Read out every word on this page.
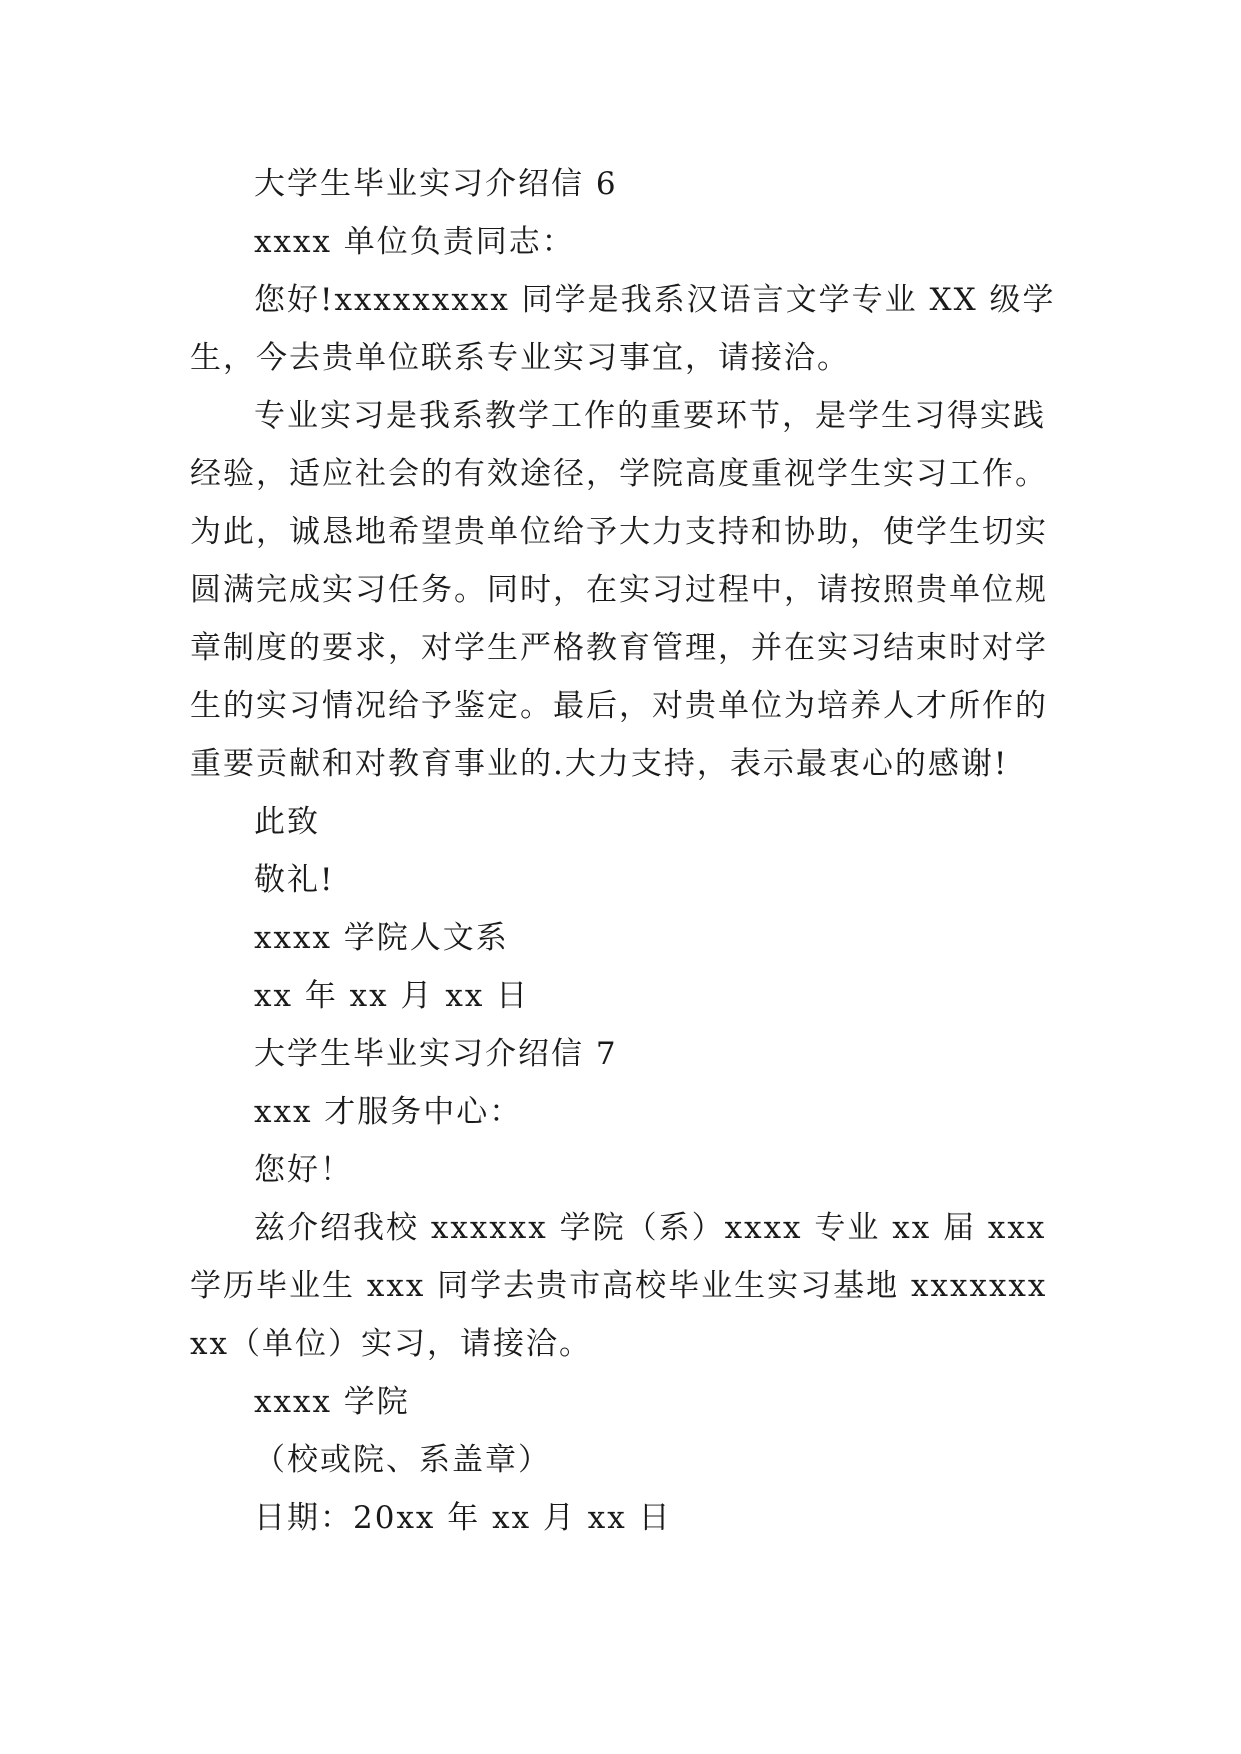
大学生毕业实习介绍信 6

xxxx 单位负责同志：

您好!xxxxxxxxx 同学是我系汉语言文学专业 XX 级学生，今去贵单位联系专业实习事宜，请接洽。

专业实习是我系教学工作的重要环节，是学生习得实践经验，适应社会的有效途径，学院高度重视学生实习工作。为此，诚恳地希望贵单位给予大力支持和协助，使学生切实圆满完成实习任务。同时，在实习过程中，请按照贵单位规章制度的要求，对学生严格教育管理，并在实习结束时对学生的实习情况给予鉴定。最后，对贵单位为培养人才所作的重要贡献和对教育事业的.大力支持，表示最衷心的感谢!

此致

敬礼!

xxxx 学院人文系

xx 年 xx 月 xx 日

大学生毕业实习介绍信 7

xxx 才服务中心：

您好！

兹介绍我校 xxxxxx 学院（系）xxxx 专业 xx 届 xxx 学历毕业生 xxx 同学去贵市高校毕业生实习基地 xxxxxxxxx（单位）实习，请接洽。

xxxx 学院

（校或院、系盖章）

日期：20xx 年 xx 月 xx 日
